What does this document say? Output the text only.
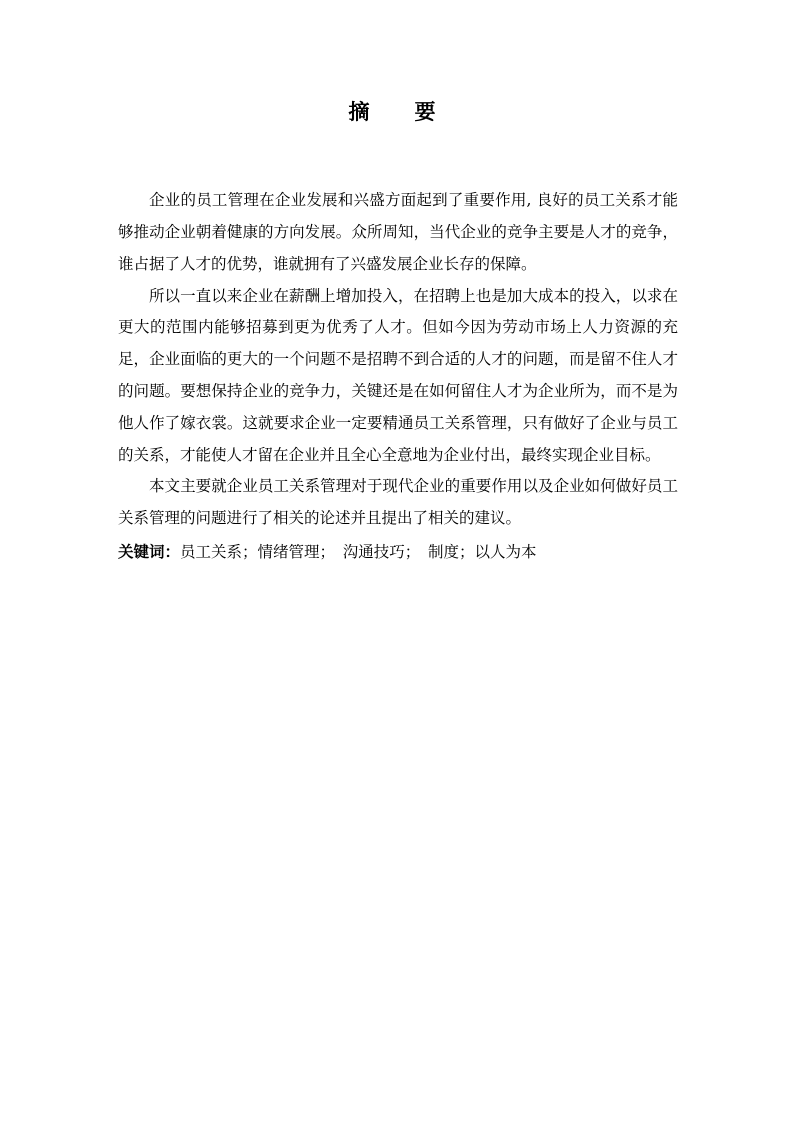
摘　要

企业的员工管理在企业发展和兴盛方面起到了重要作用, 良好的员工关系才能够推动企业朝着健康的方向发展。众所周知，当代企业的竞争主要是人才的竞争，谁占据了人才的优势，谁就拥有了兴盛发展企业长存的保障。

所以一直以来企业在薪酬上增加投入，在招聘上也是加大成本的投入，以求在更大的范围内能够招募到更为优秀了人才。但如今因为劳动市场上人力资源的充足，企业面临的更大的一个问题不是招聘不到合适的人才的问题，而是留不住人才的问题。要想保持企业的竞争力，关键还是在如何留住人才为企业所为，而不是为他人作了嫁衣裳。这就要求企业一定要精通员工关系管理，只有做好了企业与员工的关系，才能使人才留在企业并且全心全意地为企业付出，最终实现企业目标。

本文主要就企业员工关系管理对于现代企业的重要作用以及企业如何做好员工关系管理的问题进行了相关的论述并且提出了相关的建议。

关键词：员工关系；情绪管理；　沟通技巧；　制度；以人为本
